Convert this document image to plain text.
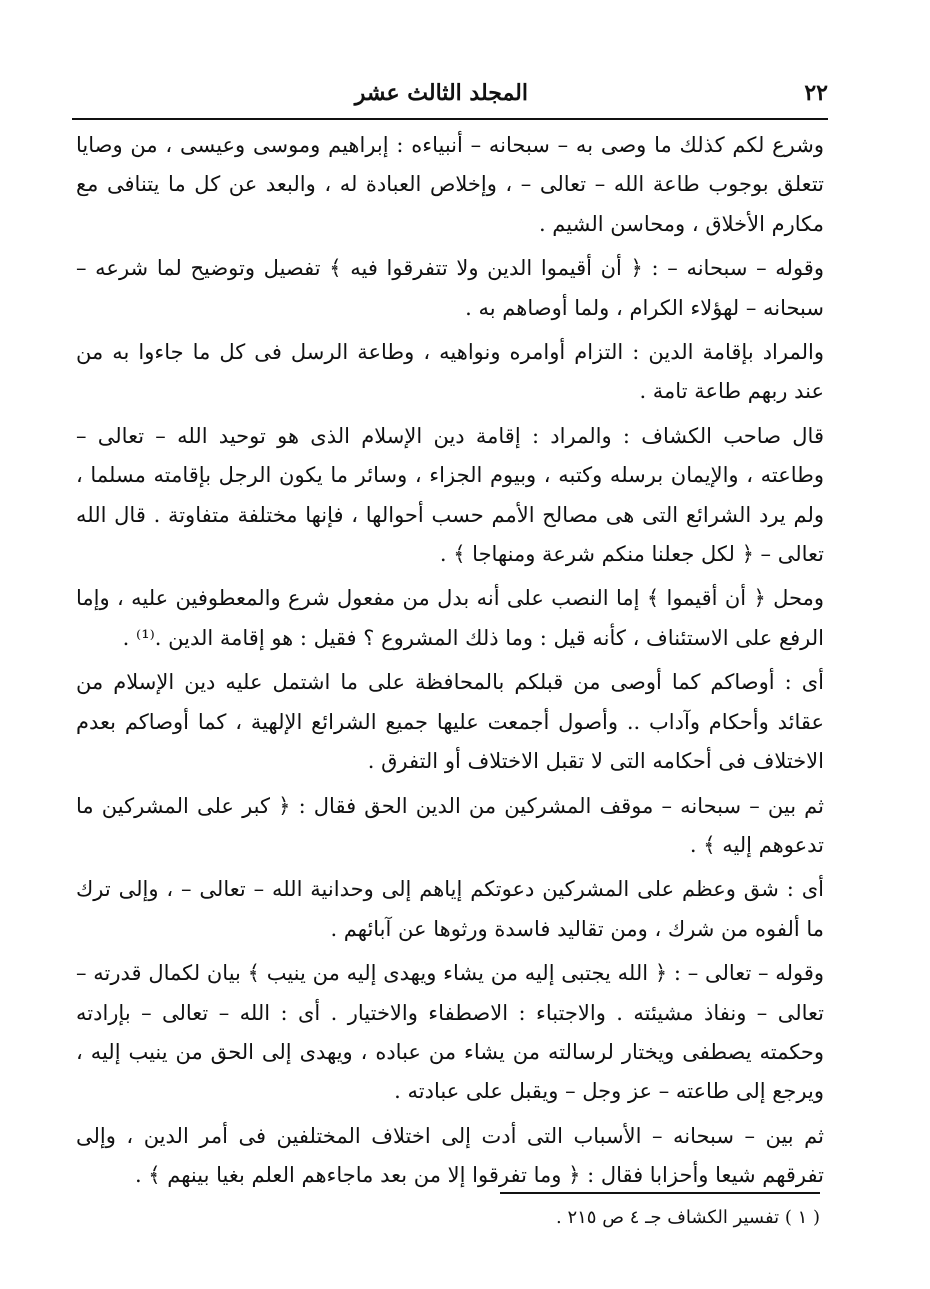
٢٢
المجلد الثالث عشر

وشرع لكم كذلك ما وصى به – سبحانه – أنبياءه : إبراهيم وموسى وعيسى ، من وصايا تتعلق بوجوب طاعة الله – تعالى – ، وإخلاص العبادة له ، والبعد عن كل ما يتنافى مع مكارم الأخلاق ، ومحاسن الشيم .

وقوله – سبحانه – : ﴿ أن أقيموا الدين ولا تتفرقوا فيه ﴾ تفصيل وتوضيح لما شرعه – سبحانه – لهؤلاء الكرام ، ولما أوصاهم به .

والمراد بإقامة الدين : التزام أوامره ونواهيه ، وطاعة الرسل فى كل ما جاءوا به من عند ربهم طاعة تامة .

قال صاحب الكشاف : والمراد : إقامة دين الإسلام الذى هو توحيد الله – تعالى – وطاعته ، والإيمان برسله وكتبه ، وبيوم الجزاء ، وسائر ما يكون الرجل بإقامته مسلما ، ولم يرد الشرائع التى هى مصالح الأمم حسب أحوالها ، فإنها مختلفة متفاوتة . قال الله تعالى – ﴿ لكل جعلنا منكم شرعة ومنهاجا ﴾ .

ومحل ﴿ أن أقيموا ﴾ إما النصب على أنه بدل من مفعول شرع والمعطوفين عليه ، وإما الرفع على الاستئناف ، كأنه قيل : وما ذلك المشروع ؟ فقيل : هو إقامة الدين .⁽¹⁾ .

أى : أوصاكم كما أوصى من قبلكم بالمحافظة على ما اشتمل عليه دين الإسلام من عقائد وأحكام وآداب .. وأصول أجمعت عليها جميع الشرائع الإلهية ، كما أوصاكم بعدم الاختلاف فى أحكامه التى لا تقبل الاختلاف أو التفرق .

ثم بين – سبحانه – موقف المشركين من الدين الحق فقال : ﴿ كبر على المشركين ما تدعوهم إليه ﴾ .

أى : شق وعظم على المشركين دعوتكم إياهم إلى وحدانية الله – تعالى – ، وإلى ترك ما ألفوه من شرك ، ومن تقاليد فاسدة ورثوها عن آبائهم .

وقوله – تعالى – : ﴿ الله يجتبى إليه من يشاء ويهدى إليه من ينيب ﴾ بيان لكمال قدرته – تعالى – ونفاذ مشيئته . والاجتباء : الاصطفاء والاختيار . أى : الله – تعالى – بإرادته وحكمته يصطفى ويختار لرسالته من يشاء من عباده ، ويهدى إلى الحق من ينيب إليه ، ويرجع إلى طاعته – عز وجل – ويقبل على عبادته .

ثم بين – سبحانه – الأسباب التى أدت إلى اختلاف المختلفين فى أمر الدين ، وإلى تفرقهم شيعا وأحزابا فقال : ﴿ وما تفرقوا إلا من بعد ماجاءهم العلم بغيا بينهم ﴾ .

( ١ ) تفسير الكشاف جـ ٤ ص ٢١٥ .
